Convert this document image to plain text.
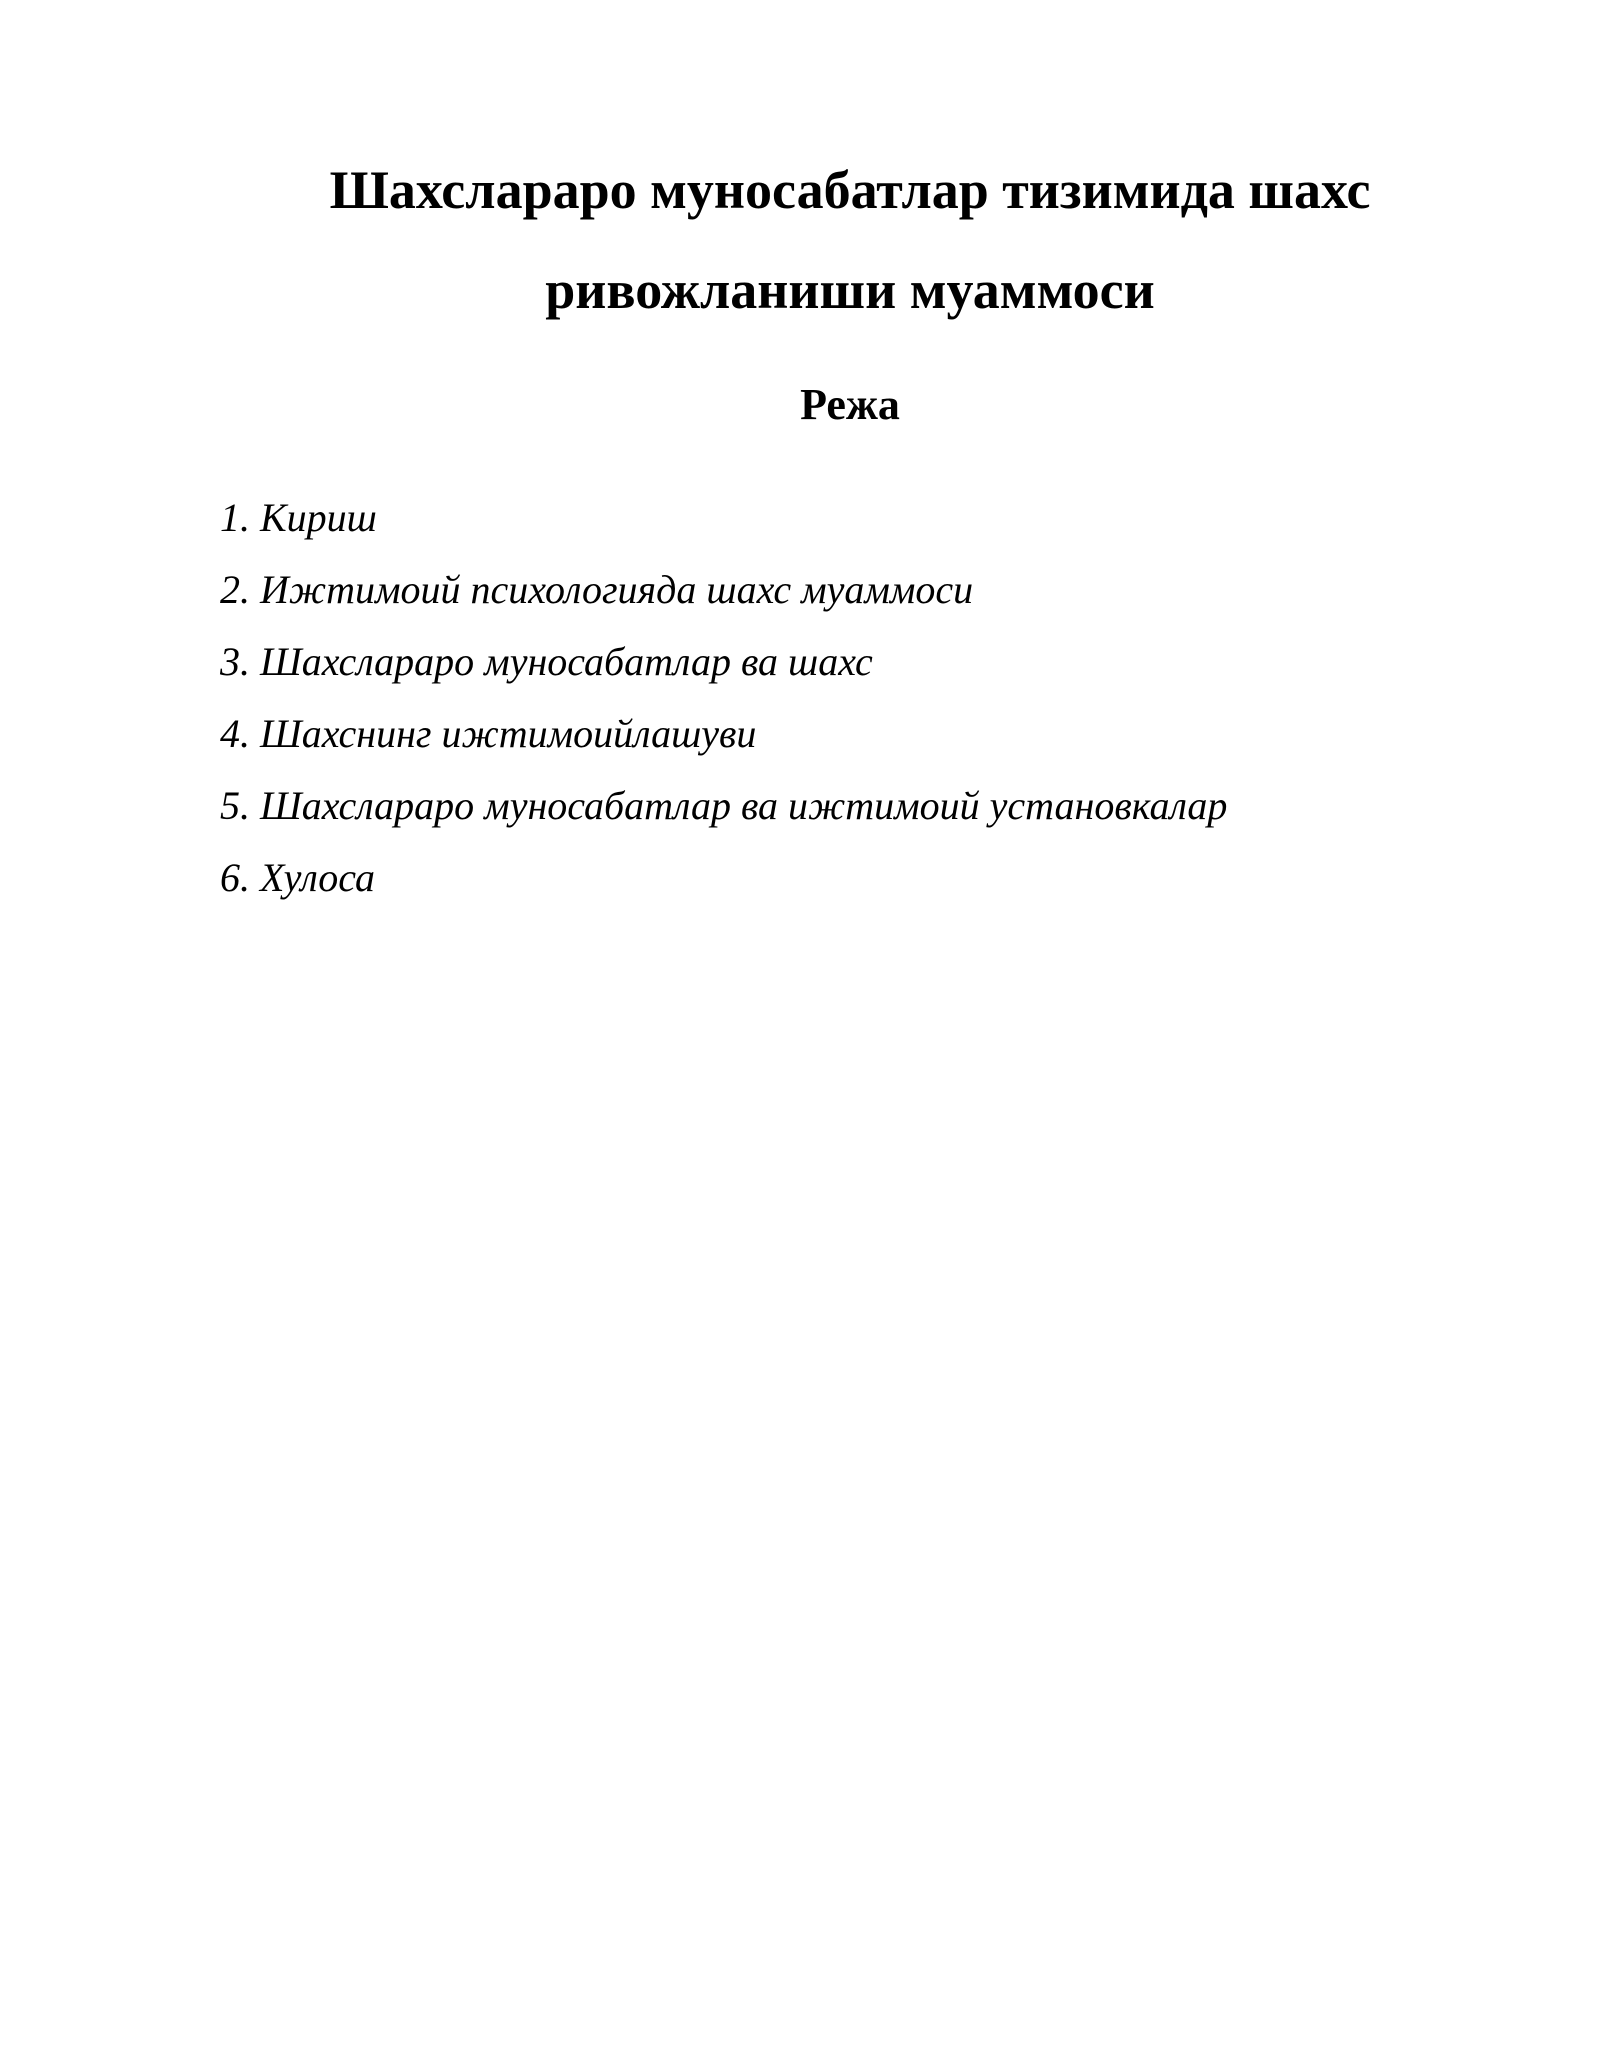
Шахслараро муносабатлар тизимида шахс
ривожланиши муаммоси
Режа
1. Кириш
2. Ижтимоий психологияда шахс муаммоси
3. Шахслараро муносабатлар ва шахс
4. Шахснинг ижтимоийлашуви
5. Шахслараро муносабатлар ва ижтимоий установкалар
6. Хулоса
